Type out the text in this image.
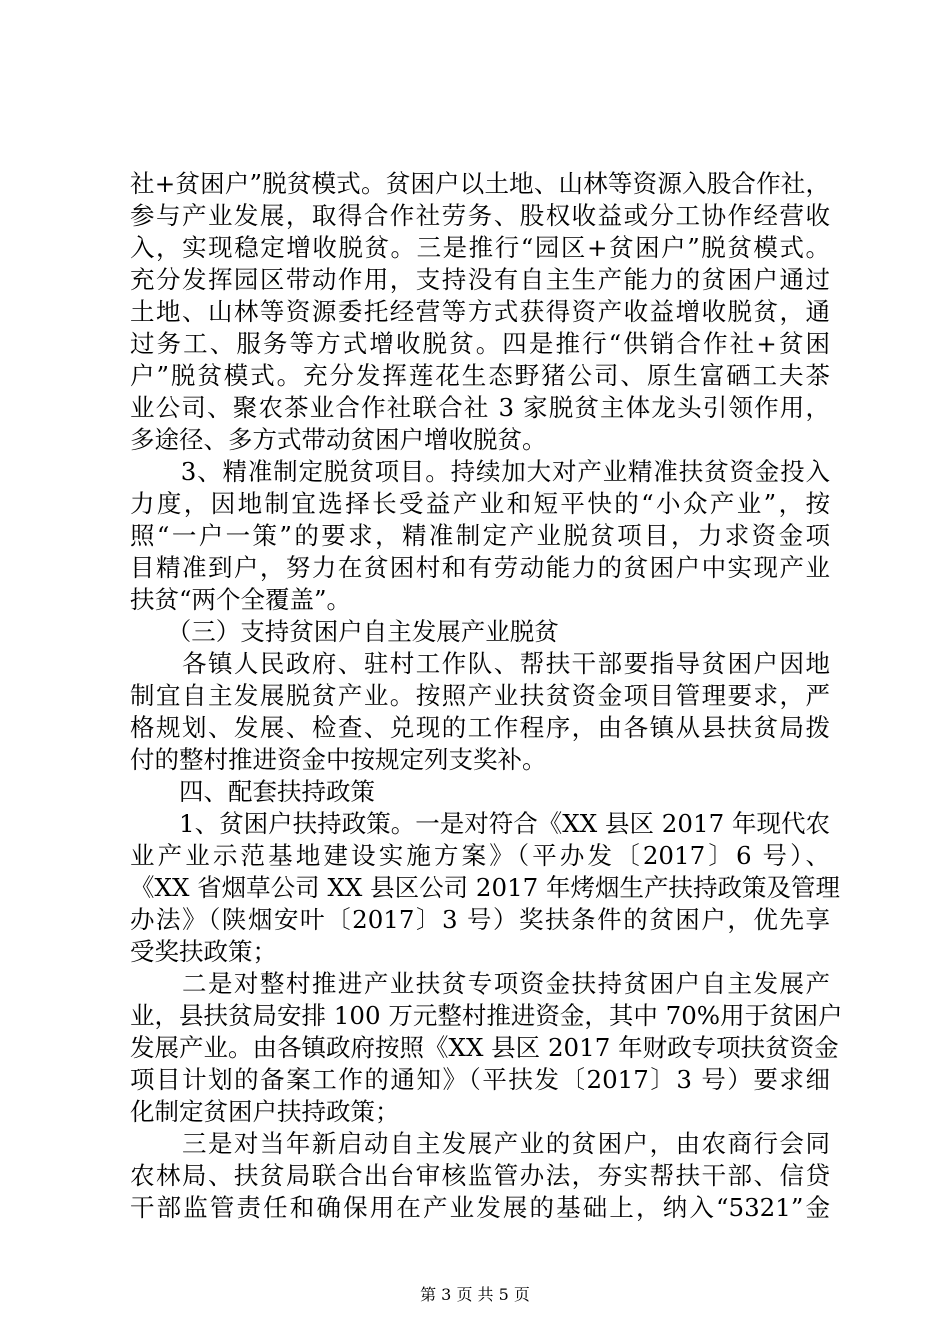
社+贫困户”脱贫模式。贫困户以土地、山林等资源入股合作社，
参与产业发展，取得合作社劳务、股权收益或分工协作经营收
入，实现稳定增收脱贫。三是推行“园区+贫困户”脱贫模式。
充分发挥园区带动作用，支持没有自主生产能力的贫困户通过
土地、山林等资源委托经营等方式获得资产收益增收脱贫，通
过务工、服务等方式增收脱贫。四是推行“供销合作社+贫困
户”脱贫模式。充分发挥莲花生态野猪公司、原生富硒工夫茶
业公司、聚农茶业合作社联合社 3 家脱贫主体龙头引领作用，
多途径、多方式带动贫困户增收脱贫。
　　3、精准制定脱贫项目。持续加大对产业精准扶贫资金投入
力度，因地制宜选择长受益产业和短平快的“小众产业”，按
照“一户一策”的要求，精准制定产业脱贫项目，力求资金项
目精准到户，努力在贫困村和有劳动能力的贫困户中实现产业
扶贫“两个全覆盖”。
　　（三）支持贫困户自主发展产业脱贫
　　各镇人民政府、驻村工作队、帮扶干部要指导贫困户因地
制宜自主发展脱贫产业。按照产业扶贫资金项目管理要求，严
格规划、发展、检查、兑现的工作程序，由各镇从县扶贫局拨
付的整村推进资金中按规定列支奖补。
　　四、配套扶持政策
　　1、贫困户扶持政策。一是对符合《XX 县区 2017 年现代农
业产业示范基地建设实施方案》（平办发〔2017〕6 号）、
《XX 省烟草公司 XX 县区公司 2017 年烤烟生产扶持政策及管理
办法》（陕烟安叶〔2017〕3 号）奖扶条件的贫困户，优先享
受奖扶政策；
　　二是对整村推进产业扶贫专项资金扶持贫困户自主发展产
业，县扶贫局安排 100 万元整村推进资金，其中 70%用于贫困户
发展产业。由各镇政府按照《XX 县区 2017 年财政专项扶贫资金
项目计划的备案工作的通知》（平扶发〔2017〕3 号）要求细
化制定贫困户扶持政策；
　　三是对当年新启动自主发展产业的贫困户，由农商行会同
农林局、扶贫局联合出台审核监管办法，夯实帮扶干部、信贷
干部监管责任和确保用在产业发展的基础上，纳入“5321”金
第 3 页 共 5 页
